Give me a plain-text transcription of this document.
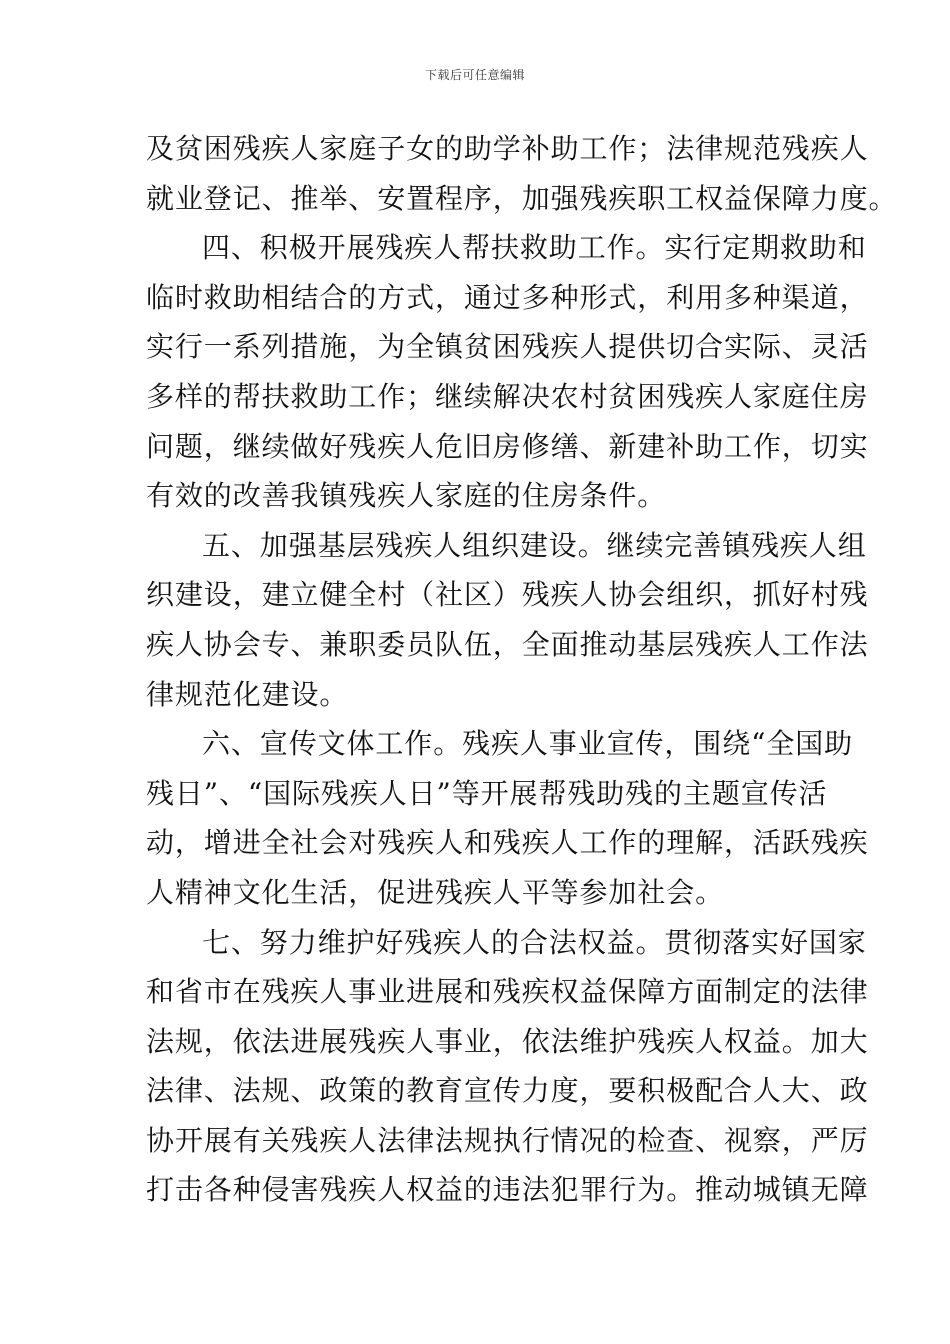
下载后可任意编辑
及贫困残疾人家庭子女的助学补助工作；法律规范残疾人
就业登记、推举、安置程序，加强残疾职工权益保障力度。
四、积极开展残疾人帮扶救助工作。实行定期救助和
临时救助相结合的方式，通过多种形式，利用多种渠道，
实行一系列措施，为全镇贫困残疾人提供切合实际、灵活
多样的帮扶救助工作；继续解决农村贫困残疾人家庭住房
问题，继续做好残疾人危旧房修缮、新建补助工作，切实
有效的改善我镇残疾人家庭的住房条件。
五、加强基层残疾人组织建设。继续完善镇残疾人组
织建设，建立健全村（社区）残疾人协会组织，抓好村残
疾人协会专、兼职委员队伍，全面推动基层残疾人工作法
律规范化建设。
六、宣传文体工作。残疾人事业宣传，围绕“全国助
残日”、“国际残疾人日”等开展帮残助残的主题宣传活
动，增进全社会对残疾人和残疾人工作的理解，活跃残疾
人精神文化生活，促进残疾人平等参加社会。
七、努力维护好残疾人的合法权益。贯彻落实好国家
和省市在残疾人事业进展和残疾权益保障方面制定的法律
法规，依法进展残疾人事业，依法维护残疾人权益。加大
法律、法规、政策的教育宣传力度，要积极配合人大、政
协开展有关残疾人法律法规执行情况的检查、视察，严厉
打击各种侵害残疾人权益的违法犯罪行为。推动城镇无障
